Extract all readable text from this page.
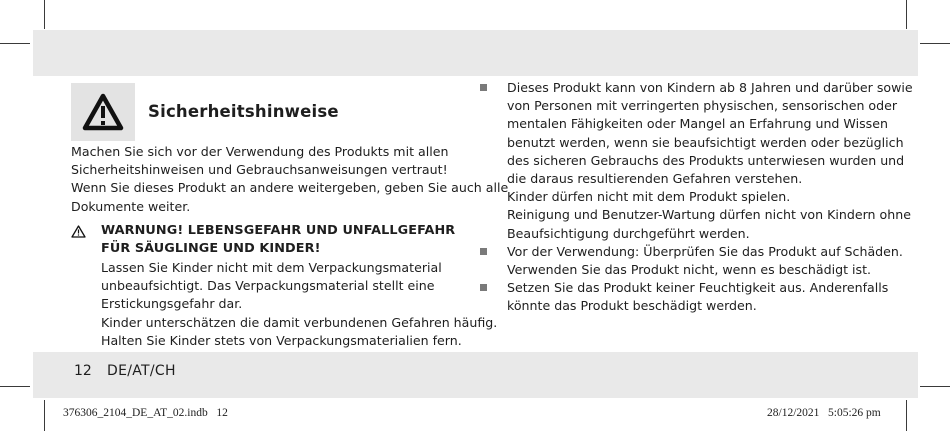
Sicherheitshinweise
Machen Sie sich vor der Verwendung des Produkts mit allen
Sicherheitshinweisen und Gebrauchsanweisungen vertraut!
Wenn Sie dieses Produkt an andere weitergeben, geben Sie auch alle
Dokumente weiter.
WARNUNG! LEBENSGEFAHR UND UNFALLGEFAHR
FÜR SÄUGLINGE UND KINDER!
Lassen Sie Kinder nicht mit dem Verpackungsmaterial
unbeaufsichtigt. Das Verpackungsmaterial stellt eine
Erstickungsgefahr dar.
Kinder unterschätzen die damit verbundenen Gefahren häufig.
Halten Sie Kinder stets von Verpackungsmaterialien fern.
Dieses Produkt kann von Kindern ab 8 Jahren und darüber sowie
von Personen mit verringerten physischen, sensorischen oder
mentalen Fähigkeiten oder Mangel an Erfahrung und Wissen
benutzt werden, wenn sie beaufsichtigt werden oder bezüglich
des sicheren Gebrauchs des Produkts unterwiesen wurden und
die daraus resultierenden Gefahren verstehen.
Kinder dürfen nicht mit dem Produkt spielen.
Reinigung und Benutzer-Wartung dürfen nicht von Kindern ohne
Beaufsichtigung durchgeführt werden.
Vor der Verwendung: Überprüfen Sie das Produkt auf Schäden.
Verwenden Sie das Produkt nicht, wenn es beschädigt ist.
Setzen Sie das Produkt keiner Feuchtigkeit aus. Anderenfalls
könnte das Produkt beschädigt werden.
12 DE/AT/CH
376306_2104_DE_AT_02.indb   12	28/12/2021   5:05:26 pm
